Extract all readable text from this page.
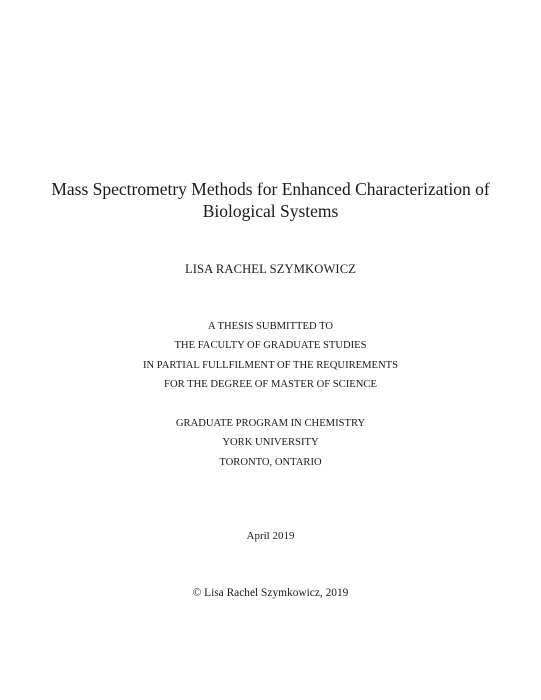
Mass Spectrometry Methods for Enhanced Characterization of
Biological Systems
LISA RACHEL SZYMKOWICZ
A THESIS SUBMITTED TO
THE FACULTY OF GRADUATE STUDIES
IN PARTIAL FULLFILMENT OF THE REQUIREMENTS
FOR THE DEGREE OF MASTER OF SCIENCE
GRADUATE PROGRAM IN CHEMISTRY
YORK UNIVERSITY
TORONTO, ONTARIO
April 2019
© Lisa Rachel Szymkowicz, 2019
